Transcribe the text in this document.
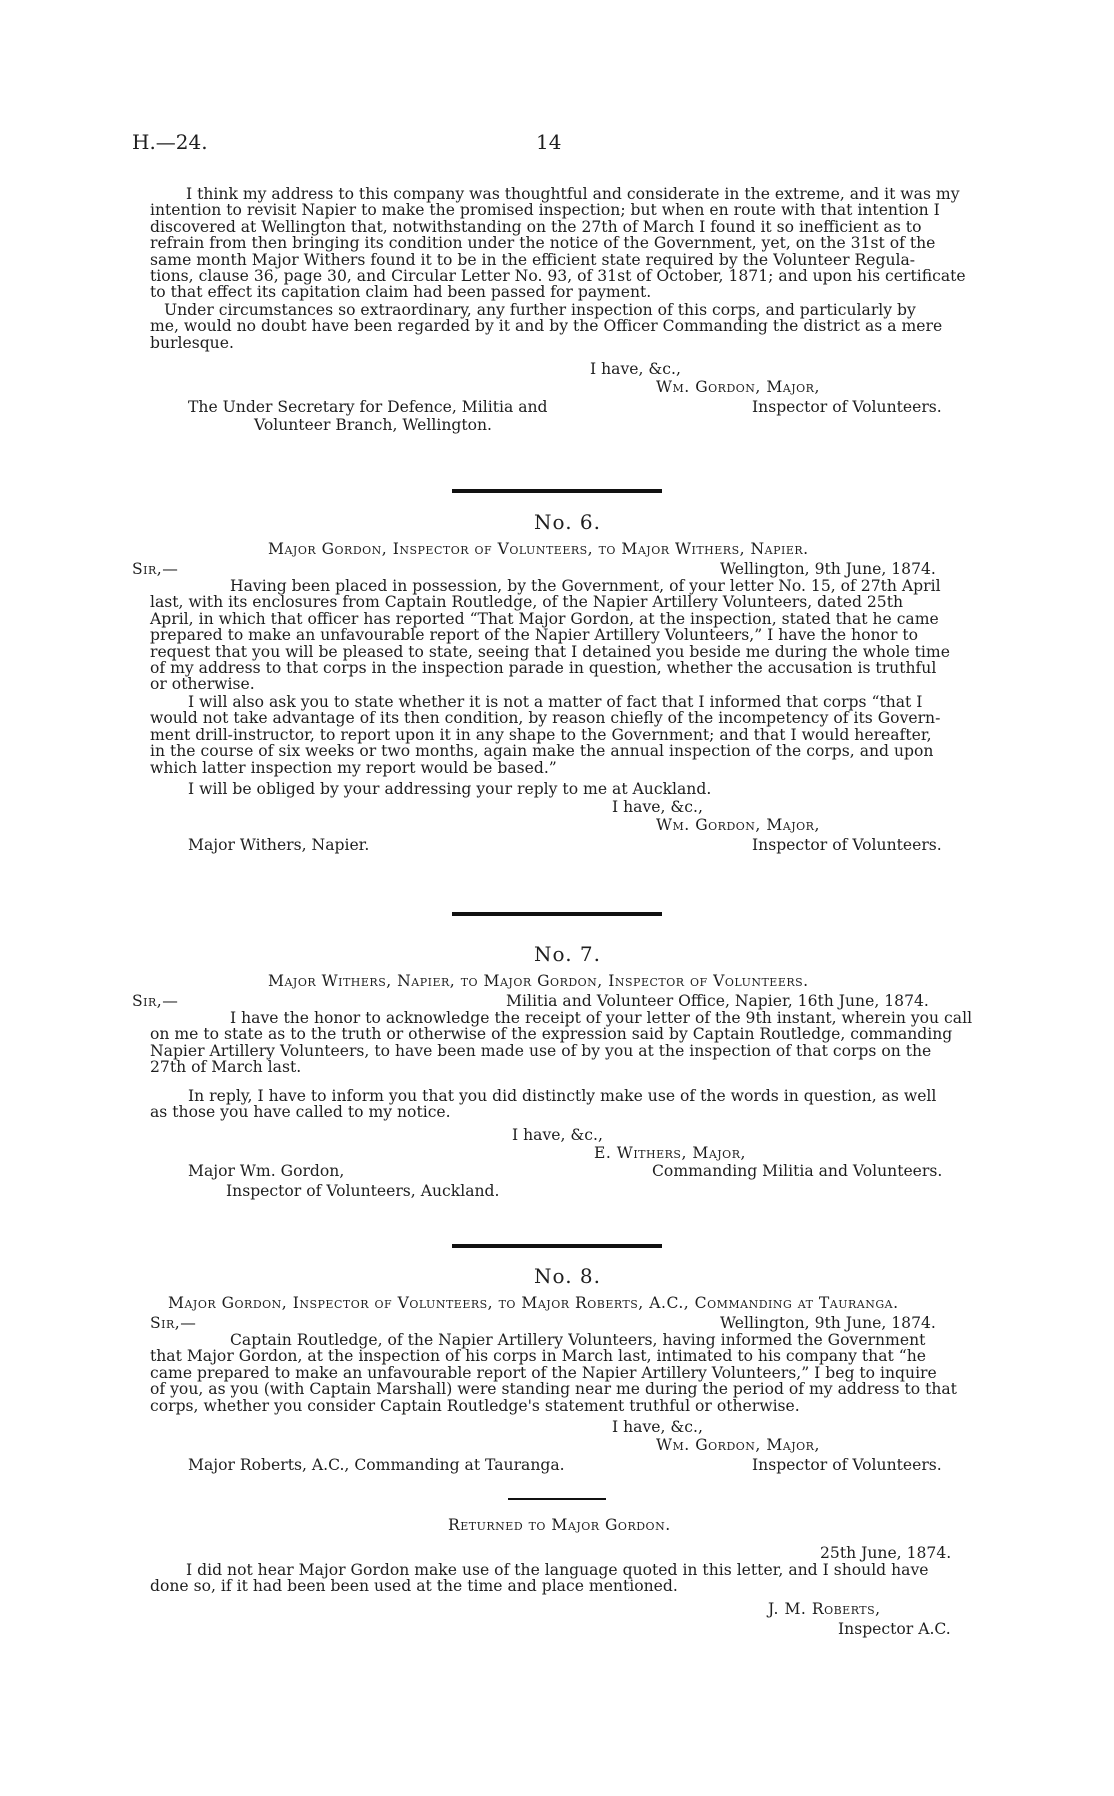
H.—24.	14
I think my address to this company was thoughtful and considerate in the extreme, and it was my
intention to revisit Napier to make the promised inspection; but when en route with that intention I
discovered at Wellington that, notwithstanding on the 27th of March I found it so inefficient as to
refrain from then bringing its condition under the notice of the Government, yet, on the 31st of the
same month Major Withers found it to be in the efficient state required by the Volunteer Regula-
tions, clause 36, page 30, and Circular Letter No. 93, of 31st of October, 1871; and upon his certificate
to that effect its capitation claim had been passed for payment.
Under circumstances so extraordinary, any further inspection of this corps, and particularly by
me, would no doubt have been regarded by it and by the Officer Commanding the district as a mere
burlesque.
I have, &c.,
Wm. Gordon, Major,
Inspector of Volunteers.
The Under Secretary for Defence, Militia and
Volunteer Branch, Wellington.
No. 6.
Major Gordon, Inspector of Volunteers, to Major Withers, Napier.
Sir,—	Wellington, 9th June, 1874.
Having been placed in possession, by the Government, of your letter No. 15, of 27th April
last, with its enclosures from Captain Routledge, of the Napier Artillery Volunteers, dated 25th
April, in which that officer has reported “That Major Gordon, at the inspection, stated that he came
prepared to make an unfavourable report of the Napier Artillery Volunteers,” I have the honor to
request that you will be pleased to state, seeing that I detained you beside me during the whole time
of my address to that corps in the inspection parade in question, whether the accusation is truthful
or otherwise.
I will also ask you to state whether it is not a matter of fact that I informed that corps “that I
would not take advantage of its then condition, by reason chiefly of the incompetency of its Govern-
ment drill-instructor, to report upon it in any shape to the Government; and that I would hereafter,
in the course of six weeks or two months, again make the annual inspection of the corps, and upon
which latter inspection my report would be based.”
I will be obliged by your addressing your reply to me at Auckland.
I have, &c.,
Wm. Gordon, Major,
Major Withers, Napier.	Inspector of Volunteers.
No. 7.
Major Withers, Napier, to Major Gordon, Inspector of Volunteers.
Sir,—	Militia and Volunteer Office, Napier, 16th June, 1874.
I have the honor to acknowledge the receipt of your letter of the 9th instant, wherein you call
on me to state as to the truth or otherwise of the expression said by Captain Routledge, commanding
Napier Artillery Volunteers, to have been made use of by you at the inspection of that corps on the
27th of March last.
In reply, I have to inform you that you did distinctly make use of the words in question, as well
as those you have called to my notice.
I have, &c.,
E. Withers, Major,
Major Wm. Gordon,	Commanding Militia and Volunteers.
Inspector of Volunteers, Auckland.
No. 8.
Major Gordon, Inspector of Volunteers, to Major Roberts, A.C., Commanding at Tauranga.
Sir,—	Wellington, 9th June, 1874.
Captain Routledge, of the Napier Artillery Volunteers, having informed the Government
that Major Gordon, at the inspection of his corps in March last, intimated to his company that “he
came prepared to make an unfavourable report of the Napier Artillery Volunteers,” I beg to inquire
of you, as you (with Captain Marshall) were standing near me during the period of my address to that
corps, whether you consider Captain Routledge's statement truthful or otherwise.
I have, &c.,
Wm. Gordon, Major,
Major Roberts, A.C., Commanding at Tauranga.	Inspector of Volunteers.
Returned to Major Gordon.
25th June, 1874.
I did not hear Major Gordon make use of the language quoted in this letter, and I should have
done so, if it had been been used at the time and place mentioned.
J. M. Roberts,
Inspector A.C.
